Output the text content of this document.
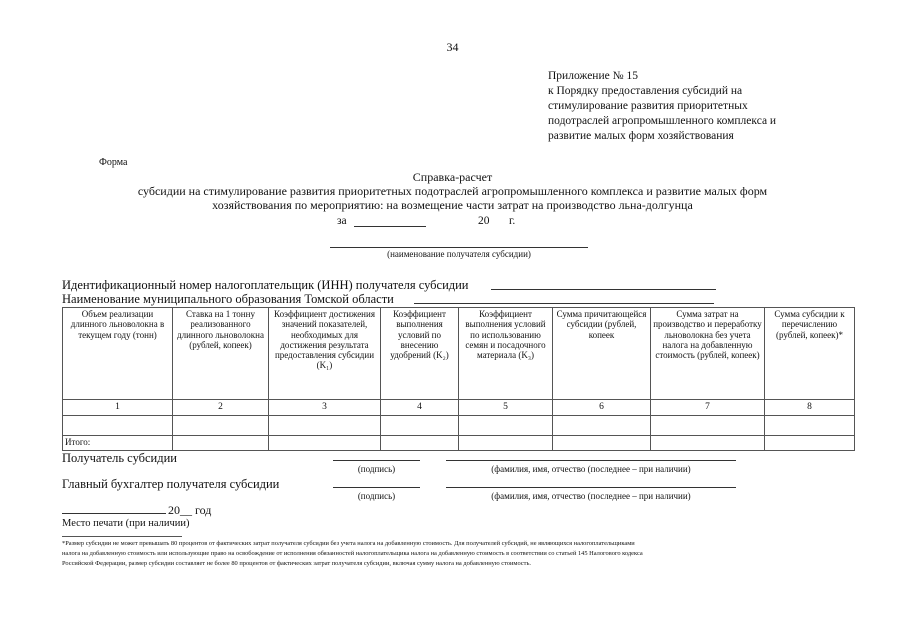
34
Приложение № 15
к Порядку предоставления субсидий на
стимулирование развития приоритетных
подотраслей агропромышленного комплекса и
развитие малых форм хозяйствования
Форма
Справка-расчет
субсидии на стимулирование развития приоритетных подотраслей агропромышленного комплекса и развитие малых форм
хозяйствования по мероприятию: на возмещение части затрат на производство льна-долгунца
за	20 г.
(наименование получателя субсидии)
Идентификационный номер налогоплательщик (ИНН) получателя субсидии
Наименование муниципального образования Томской области
Объем реализации длинного льноволокна в текущем году (тонн)	Ставка на 1 тонну реализованного длинного льноволокна (рублей, копеек)	Коэффициент достижения значений показателей, необходимых для достижения результата предоставления субсидии (K₁)	Коэффициент выполнения условий по внесению удобрений (K₂)	Коэффициент выполнения условий по использованию семян и посадочного материала (K₃)	Сумма причитающейся субсидии (рублей, копеек	Сумма затрат на производство и переработку льноволокна без учета налога на добавленную стоимость (рублей, копеек)	Сумма субсидии к перечислению (рублей, копеек)*
1	2	3	4	5	6	7	8

Итого:							
Получатель субсидии
(подпись)	(фамилия, имя, отчество (последнее – при наличии)
Главный бухгалтер получателя субсидии
(подпись)	(фамилия, имя, отчество (последнее – при наличии)
20__ год
Место печати (при наличии)
*Размер субсидии не может превышать 80 процентов от фактических затрат получателя субсидии без учета налога на добавленную стоимость. Для получателей субсидий, не являющихся налогоплательщиками
налога на добавленную стоимость или использующие право на освобождение от исполнения обязанностей налогоплательщика налога на добавленную стоимость в соответствии со статьей 145 Налогового кодекса
Российской Федерации, размер субсидии составляет не более 80 процентов от фактических затрат получателя субсидии, включая сумму налога на добавленную стоимость.
